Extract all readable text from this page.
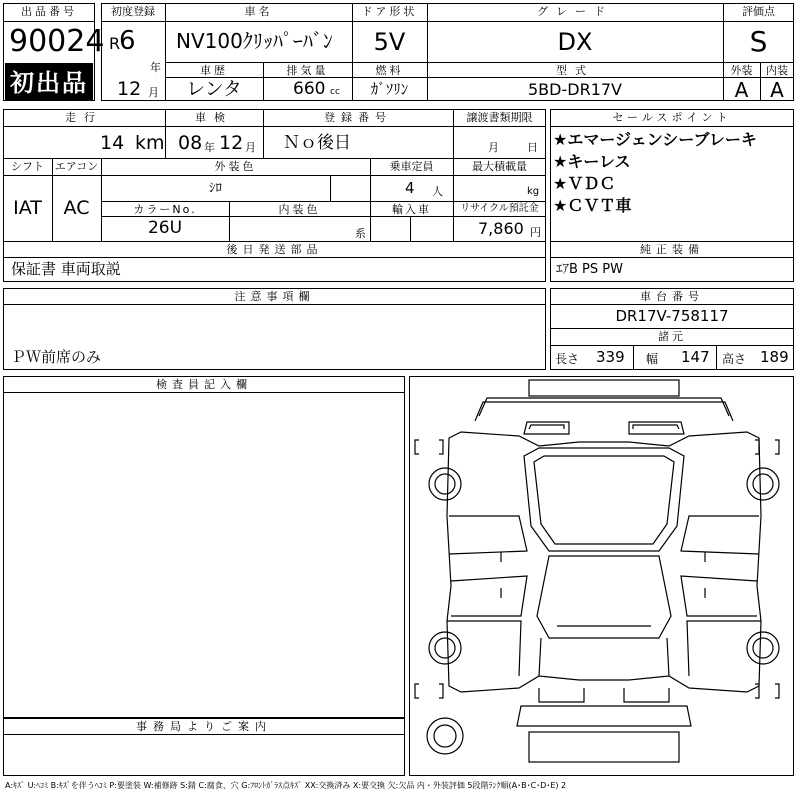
出品番号
90024
初出品
初度登録
R
6
年
12 月
車名
NV100ｸﾘｯﾊﾟｰﾊﾞﾝ
ドア形状
5V
グレード
DX
評価点
S
車歴
レンタ
排気量
660 cc
燃料
ｶﾞｿﾘﾝ
型式
5BD-DR17V
外装	内装
A	A
走行
14 km
車検
08 年 12 月
登録番号
Ｎｏ後日
譲渡書類期限
月	日
シフト
IAT
エアコン
AC
外装色
ｼﾛ
乗車定員
4 人
最大積載量
kg
カラーNo.
26U
内装色
系
輸入車	リサイクル預託金
7,860 円
後日発送部品
保証書 車両取説
セールスポイント
★エマージェンシーブレーキ
★キーレス
★ＶＤＣ
★ＣＶＴ車
純正装備
ｴｱB PS PW
注意事項欄
ＰＷ前席のみ
車台番号
DR17V-758117
諸元
長さ 339 幅 147 高さ 189
検査員記入欄
事務局よりご案内
A:ｷｽﾞ U:ﾍｺﾐ B:ｷｽﾞを伴うﾍｺﾐ P:要塗装 W:補修跡 S:錆 C:腐食、穴 G:ﾌﾛﾝﾄｶﾞﾗｽ点ｷｽﾞ XX:交換済み X:要交換 欠:欠品 内・外装評価 5段階ﾗﾝｸ順(A･B･C･D･E) 2
